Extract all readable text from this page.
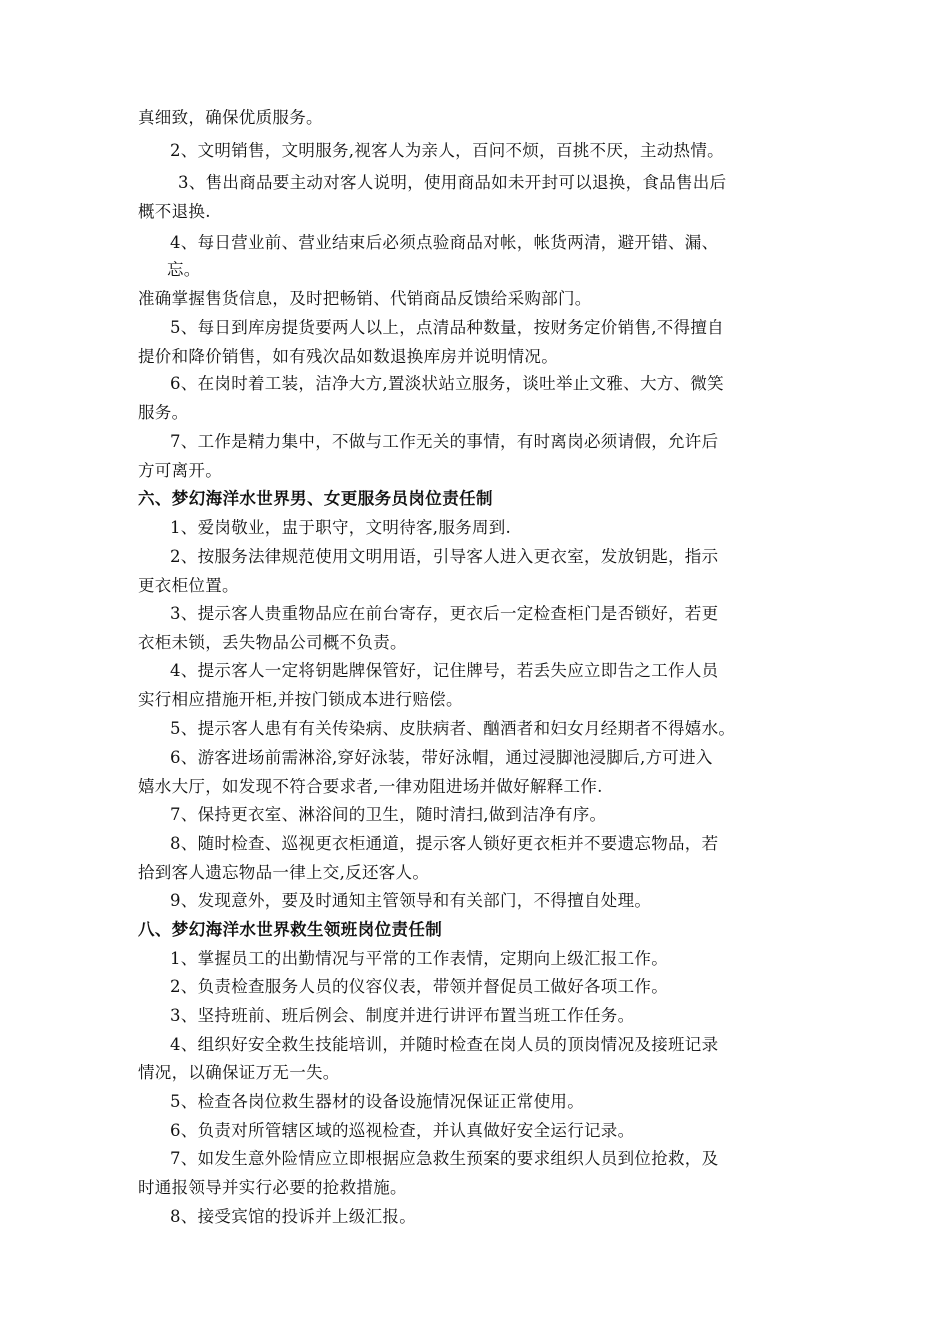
真细致，确保优质服务。
2、文明销售，文明服务,视客人为亲人，百问不烦，百挑不厌，主动热情。
3、售出商品要主动对客人说明，使用商品如未开封可以退换，食品售出后
概不退换.
4、每日营业前、营业结束后必须点验商品对帐，帐货两清，避开错、漏、
忘。
准确掌握售货信息，及时把畅销、代销商品反馈给采购部门。
5、每日到库房提货要两人以上，点清品种数量，按财务定价销售,不得擅自
提价和降价销售，如有残次品如数退换库房并说明情况。
6、在岗时着工装，洁净大方,置淡状站立服务，谈吐举止文雅、大方、微笑
服务。
7、工作是精力集中，不做与工作无关的事情，有时离岗必须请假，允许后
方可离开。
六、梦幻海洋水世界男、女更服务员岗位责任制
1、爱岗敬业，盅于职守，文明待客,服务周到.
2、按服务法律规范使用文明用语，引导客人进入更衣室，发放钥匙，指示
更衣柜位置。
3、提示客人贵重物品应在前台寄存，更衣后一定检查柜门是否锁好，若更
衣柜未锁，丢失物品公司概不负责。
4、提示客人一定将钥匙牌保管好，记住牌号，若丢失应立即告之工作人员
实行相应措施开柜,并按门锁成本进行赔偿。
5、提示客人患有有关传染病、皮肤病者、酗酒者和妇女月经期者不得嬉水。
6、游客进场前需淋浴,穿好泳装，带好泳帽，通过浸脚池浸脚后,方可进入
嬉水大厅，如发现不符合要求者,一律劝阻进场并做好解释工作.
7、保持更衣室、淋浴间的卫生，随时清扫,做到洁净有序。
8、随时检查、巡视更衣柜通道，提示客人锁好更衣柜并不要遗忘物品，若
拾到客人遗忘物品一律上交,反还客人。
9、发现意外，要及时通知主管领导和有关部门，不得擅自处理。
八、梦幻海洋水世界救生领班岗位责任制
1、掌握员工的出勤情况与平常的工作表情，定期向上级汇报工作。
2、负责检查服务人员的仪容仪表，带领并督促员工做好各项工作。
3、坚持班前、班后例会、制度并进行讲评布置当班工作任务。
4、组织好安全救生技能培训，并随时检查在岗人员的顶岗情况及接班记录
情况，以确保证万无一失。
5、检查各岗位救生器材的设备设施情况保证正常使用。
6、负责对所管辖区域的巡视检查，并认真做好安全运行记录。
7、如发生意外险情应立即根据应急救生预案的要求组织人员到位抢救，及
时通报领导并实行必要的抢救措施。
8、接受宾馆的投诉并上级汇报。
